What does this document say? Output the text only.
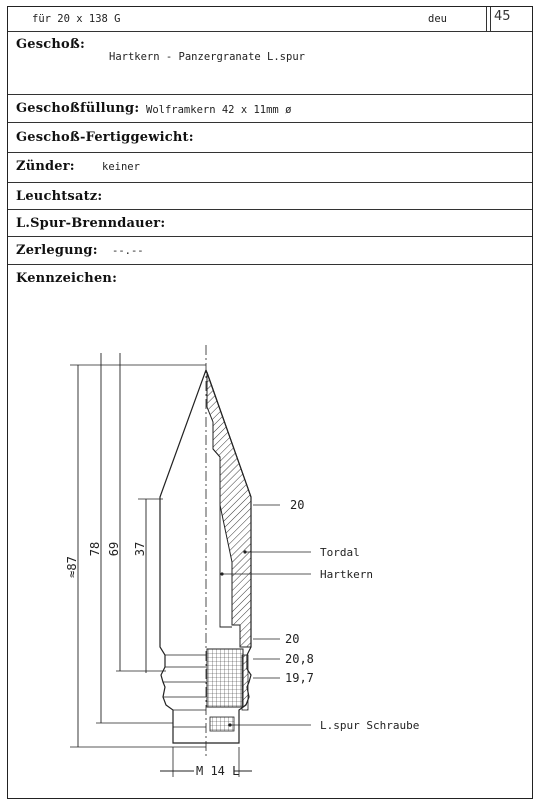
für 20 x 138 G	deu	45
Geschoß:
Hartkern - Panzergranate L.spur
Geschoßfüllung: Wolframkern 42 x 11mm ø
Geschoß-Fertiggewicht:
Zünder:	keiner
Leuchtsatz:
L.Spur-Brenndauer:
Zerlegung: --.--
Kennzeichen:
≈87
78 69 37
20
20
20,8
19,7
Tordal
Hartkern
L.spur Schraube
M 14 L
